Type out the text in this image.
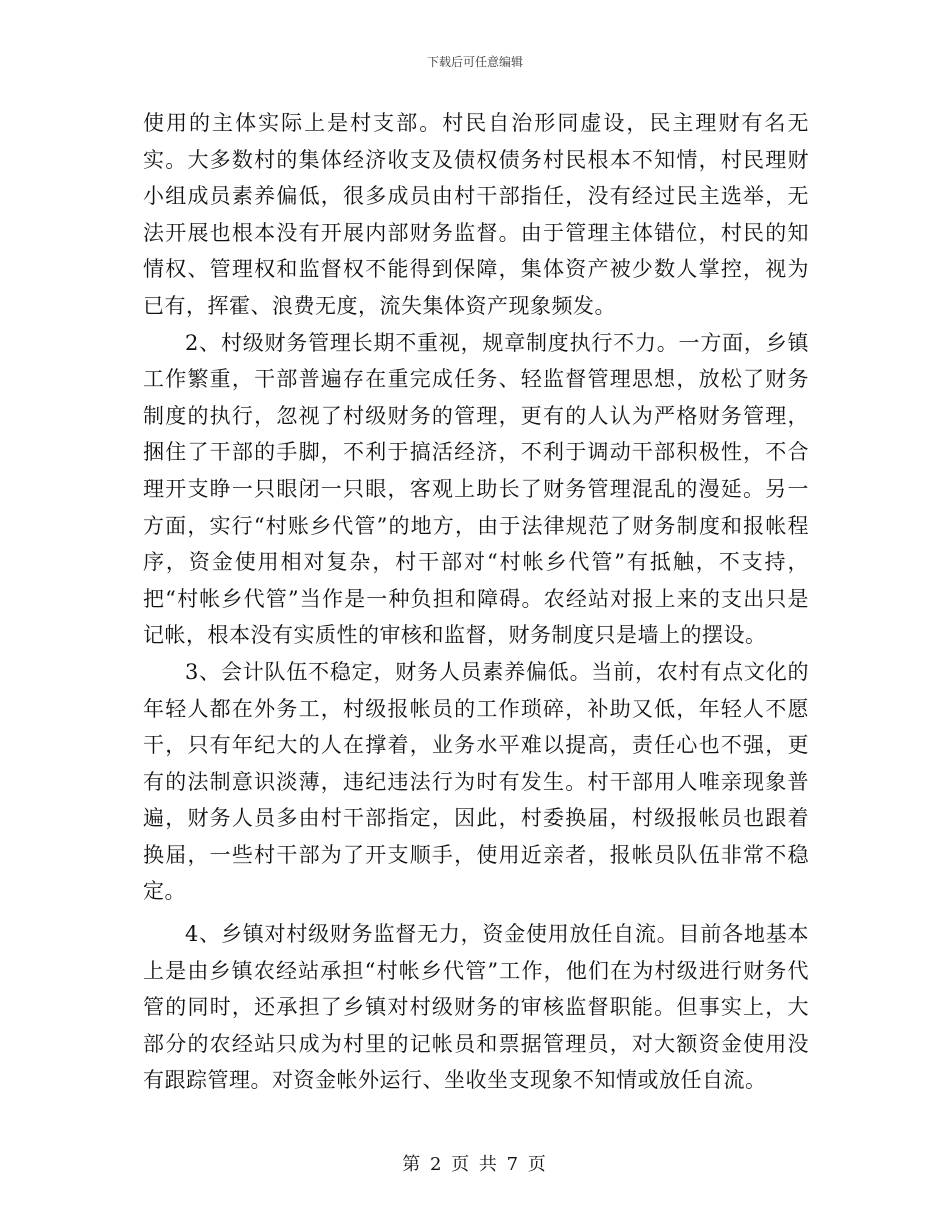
下载后可任意编辑

使用的主体实际上是村支部。村民自治形同虚设，民主理财有名无实。大多数村的集体经济收支及债权债务村民根本不知情，村民理财小组成员素养偏低，很多成员由村干部指任，没有经过民主选举，无法开展也根本没有开展内部财务监督。由于管理主体错位，村民的知情权、管理权和监督权不能得到保障，集体资产被少数人掌控，视为已有，挥霍、浪费无度，流失集体资产现象频发。

2、村级财务管理长期不重视，规章制度执行不力。一方面，乡镇工作繁重，干部普遍存在重完成任务、轻监督管理思想，放松了财务制度的执行，忽视了村级财务的管理，更有的人认为严格财务管理，捆住了干部的手脚，不利于搞活经济，不利于调动干部积极性，不合理开支睁一只眼闭一只眼，客观上助长了财务管理混乱的漫延。另一方面，实行“村账乡代管”的地方，由于法律规范了财务制度和报帐程序，资金使用相对复杂，村干部对“村帐乡代管”有抵触，不支持，把“村帐乡代管”当作是一种负担和障碍。农经站对报上来的支出只是记帐，根本没有实质性的审核和监督，财务制度只是墙上的摆设。

3、会计队伍不稳定，财务人员素养偏低。当前，农村有点文化的年轻人都在外务工，村级报帐员的工作琐碎，补助又低，年轻人不愿干，只有年纪大的人在撑着，业务水平难以提高，责任心也不强，更有的法制意识淡薄，违纪违法行为时有发生。村干部用人唯亲现象普遍，财务人员多由村干部指定，因此，村委换届，村级报帐员也跟着换届，一些村干部为了开支顺手，使用近亲者，报帐员队伍非常不稳定。

4、乡镇对村级财务监督无力，资金使用放任自流。目前各地基本上是由乡镇农经站承担“村帐乡代管”工作，他们在为村级进行财务代管的同时，还承担了乡镇对村级财务的审核监督职能。但事实上，大部分的农经站只成为村里的记帐员和票据管理员，对大额资金使用没有跟踪管理。对资金帐外运行、坐收坐支现象不知情或放任自流。

第 2 页 共 7 页
